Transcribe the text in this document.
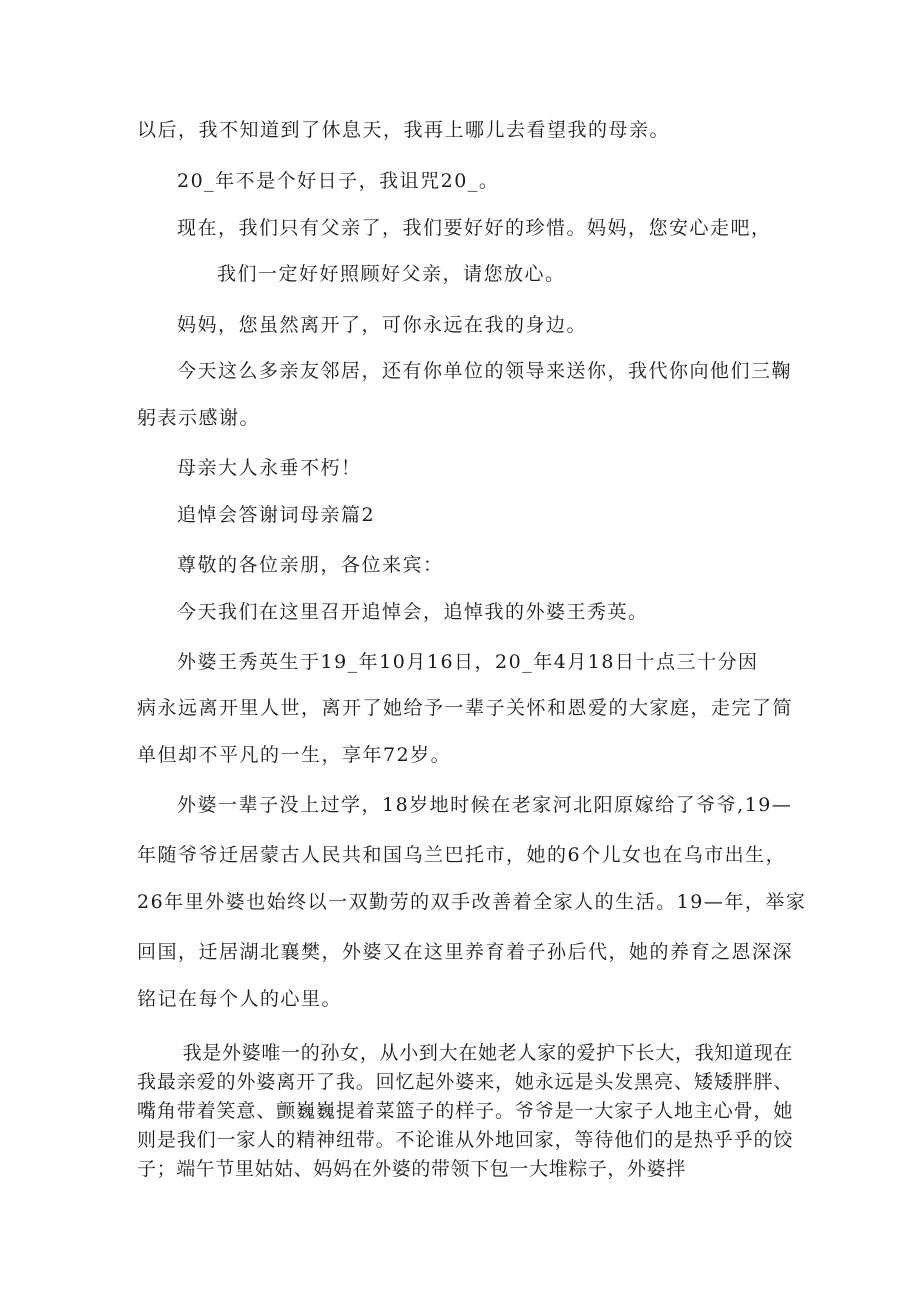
以后，我不知道到了休息天，我再上哪儿去看望我的母亲。
20_年不是个好日子，我诅咒20_。
现在，我们只有父亲了，我们要好好的珍惜。妈妈，您安心走吧，
我们一定好好照顾好父亲，请您放心。
妈妈，您虽然离开了，可你永远在我的身边。
今天这么多亲友邻居，还有你单位的领导来送你，我代你向他们三鞠
躬表示感谢。
母亲大人永垂不朽！
追悼会答谢词母亲篇2
尊敬的各位亲朋，各位来宾：
今天我们在这里召开追悼会，追悼我的外婆王秀英。
外婆王秀英生于19_年10月16日，20_年4月18日十点三十分因
病永远离开里人世，离开了她给予一辈子关怀和恩爱的大家庭，走完了简
单但却不平凡的一生，享年72岁。
外婆一辈子没上过学，18岁地时候在老家河北阳原嫁给了爷爷,19—
年随爷爷迁居蒙古人民共和国乌兰巴托市，她的6个儿女也在乌市出生，
26年里外婆也始终以一双勤劳的双手改善着全家人的生活。19—年，举家
回国，迁居湖北襄樊，外婆又在这里养育着子孙后代，她的养育之恩深深
铭记在每个人的心里。

我是外婆唯一的孙女，从小到大在她老人家的爱护下长大，我知道现在我最亲爱的外婆离开了我。回忆起外婆来，她永远是头发黑亮、矮矮胖胖、嘴角带着笑意、颤巍巍提着菜篮子的样子。爷爷是一大家子人地主心骨，她则是我们一家人的精神纽带。不论谁从外地回家，等待他们的是热乎乎的饺子；端午节里姑姑、妈妈在外婆的带领下包一大堆粽子，外婆拌
